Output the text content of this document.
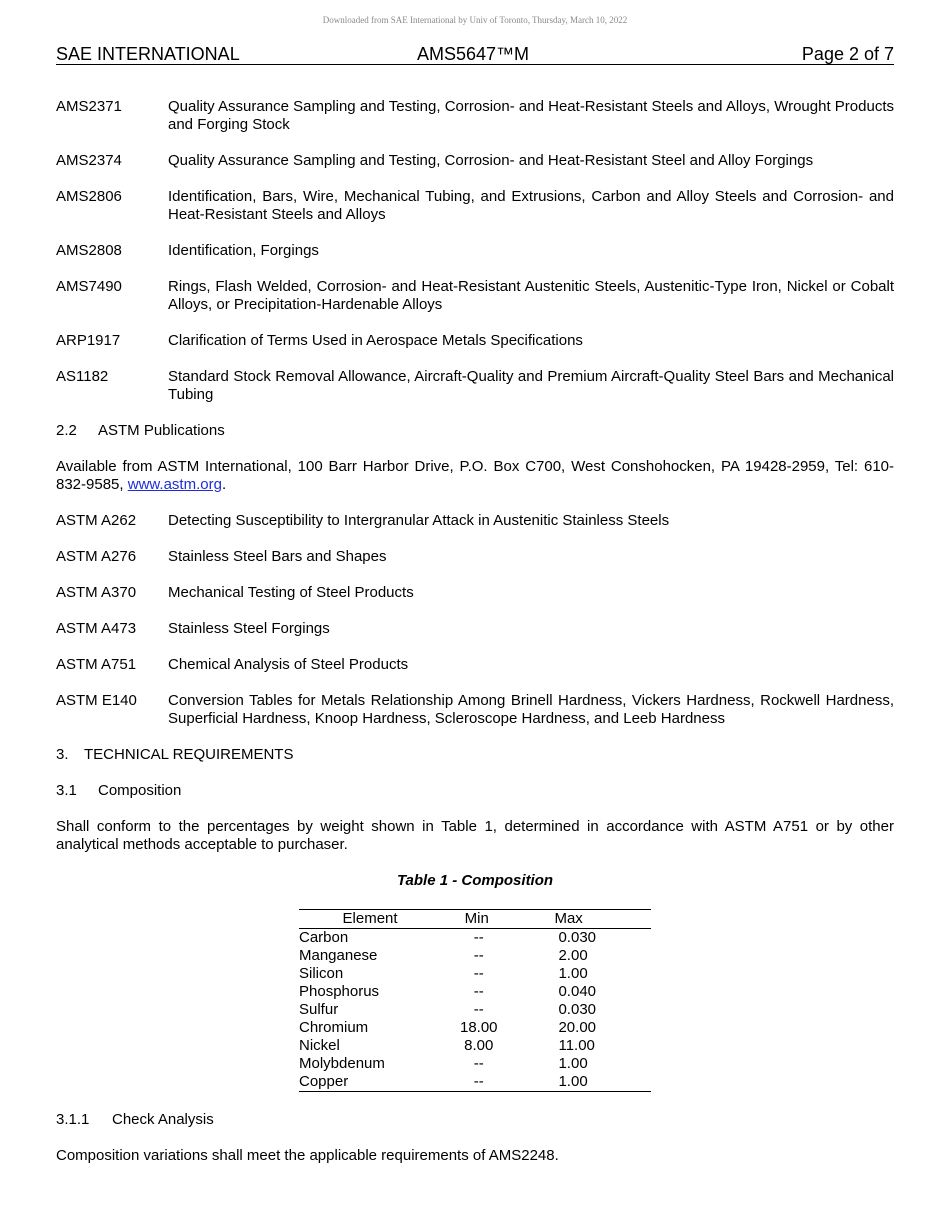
Downloaded from SAE International by Univ of Toronto, Thursday, March 10, 2022
SAE INTERNATIONAL	AMS5647™M	Page 2 of 7
AMS2371	Quality Assurance Sampling and Testing, Corrosion- and Heat-Resistant Steels and Alloys, Wrought Products and Forging Stock
AMS2374	Quality Assurance Sampling and Testing, Corrosion- and Heat-Resistant Steel and Alloy Forgings
AMS2806	Identification, Bars, Wire, Mechanical Tubing, and Extrusions, Carbon and Alloy Steels and Corrosion- and Heat-Resistant Steels and Alloys
AMS2808	Identification, Forgings
AMS7490	Rings, Flash Welded, Corrosion- and Heat-Resistant Austenitic Steels, Austenitic-Type Iron, Nickel or Cobalt Alloys, or Precipitation-Hardenable Alloys
ARP1917	Clarification of Terms Used in Aerospace Metals Specifications
AS1182	Standard Stock Removal Allowance, Aircraft-Quality and Premium Aircraft-Quality Steel Bars and Mechanical Tubing
2.2 ASTM Publications
Available from ASTM International, 100 Barr Harbor Drive, P.O. Box C700, West Conshohocken, PA 19428-2959, Tel: 610-832-9585, www.astm.org.
ASTM A262	Detecting Susceptibility to Intergranular Attack in Austenitic Stainless Steels
ASTM A276	Stainless Steel Bars and Shapes
ASTM A370	Mechanical Testing of Steel Products
ASTM A473	Stainless Steel Forgings
ASTM A751	Chemical Analysis of Steel Products
ASTM E140	Conversion Tables for Metals Relationship Among Brinell Hardness, Vickers Hardness, Rockwell Hardness, Superficial Hardness, Knoop Hardness, Scleroscope Hardness, and Leeb Hardness
3. TECHNICAL REQUIREMENTS
3.1 Composition
Shall conform to the percentages by weight shown in Table 1, determined in accordance with ASTM A751 or by other analytical methods acceptable to purchaser.
Table 1 - Composition
Element	Min	Max
Carbon	--	0.030
Manganese	--	2.00
Silicon	--	1.00
Phosphorus	--	0.040
Sulfur	--	0.030
Chromium	18.00	20.00
Nickel	8.00	11.00
Molybdenum	--	1.00
Copper	--	1.00
3.1.1 Check Analysis
Composition variations shall meet the applicable requirements of AMS2248.
